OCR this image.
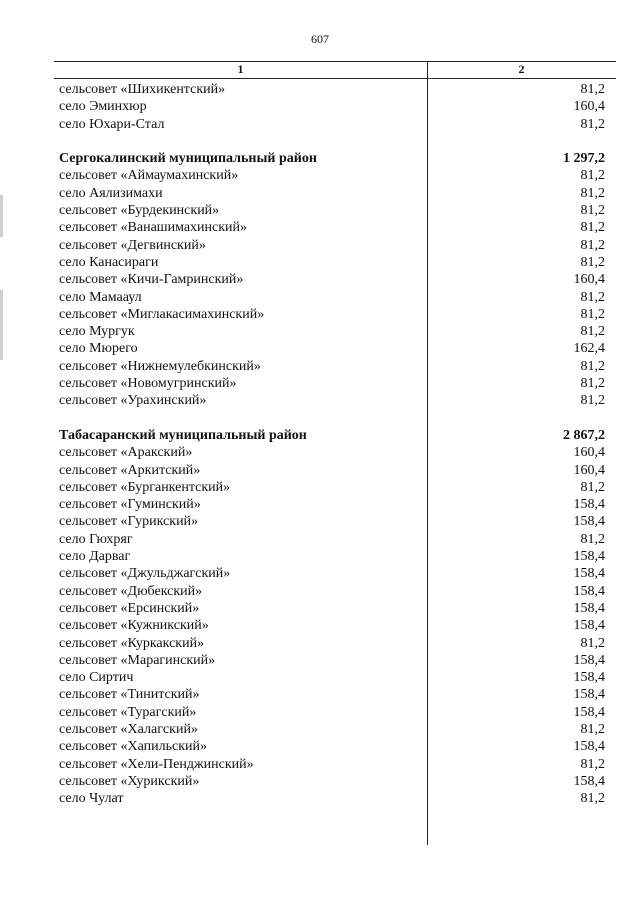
607
1	2
сельсовет «Шихикентский»	81,2
село Эминхюр	160,4
село Юхари-Стал	81,2
Сергокалинский муниципальный район	1 297,2
сельсовет «Аймаумахинский»	81,2
село Аялизимахи	81,2
сельсовет «Бурдекинский»	81,2
сельсовет «Ванашимахинский»	81,2
сельсовет «Дегвинский»	81,2
село Канасираги	81,2
сельсовет «Кичи-Гамринский»	160,4
село Мамааул	81,2
сельсовет «Миглакасимахинский»	81,2
село Мургук	81,2
село Мюрего	162,4
сельсовет «Нижнемулебкинский»	81,2
сельсовет «Новомугринский»	81,2
сельсовет «Урахинский»	81,2
Табасаранский муниципальный район	2 867,2
сельсовет «Аракский»	160,4
сельсовет «Аркитский»	160,4
сельсовет «Бурганкентский»	81,2
сельсовет «Гуминский»	158,4
сельсовет «Гурикский»	158,4
село Гюхряг	81,2
село Дарваг	158,4
сельсовет «Джульджагский»	158,4
сельсовет «Дюбекский»	158,4
сельсовет «Ерсинский»	158,4
сельсовет «Кужникский»	158,4
сельсовет «Куркакский»	81,2
сельсовет «Марагинский»	158,4
село Сиртич	158,4
сельсовет «Тинитский»	158,4
сельсовет «Турагский»	158,4
сельсовет «Халагский»	81,2
сельсовет «Хапильский»	158,4
сельсовет «Хели-Пенджинский»	81,2
сельсовет «Хурикский»	158,4
село Чулат	81,2
